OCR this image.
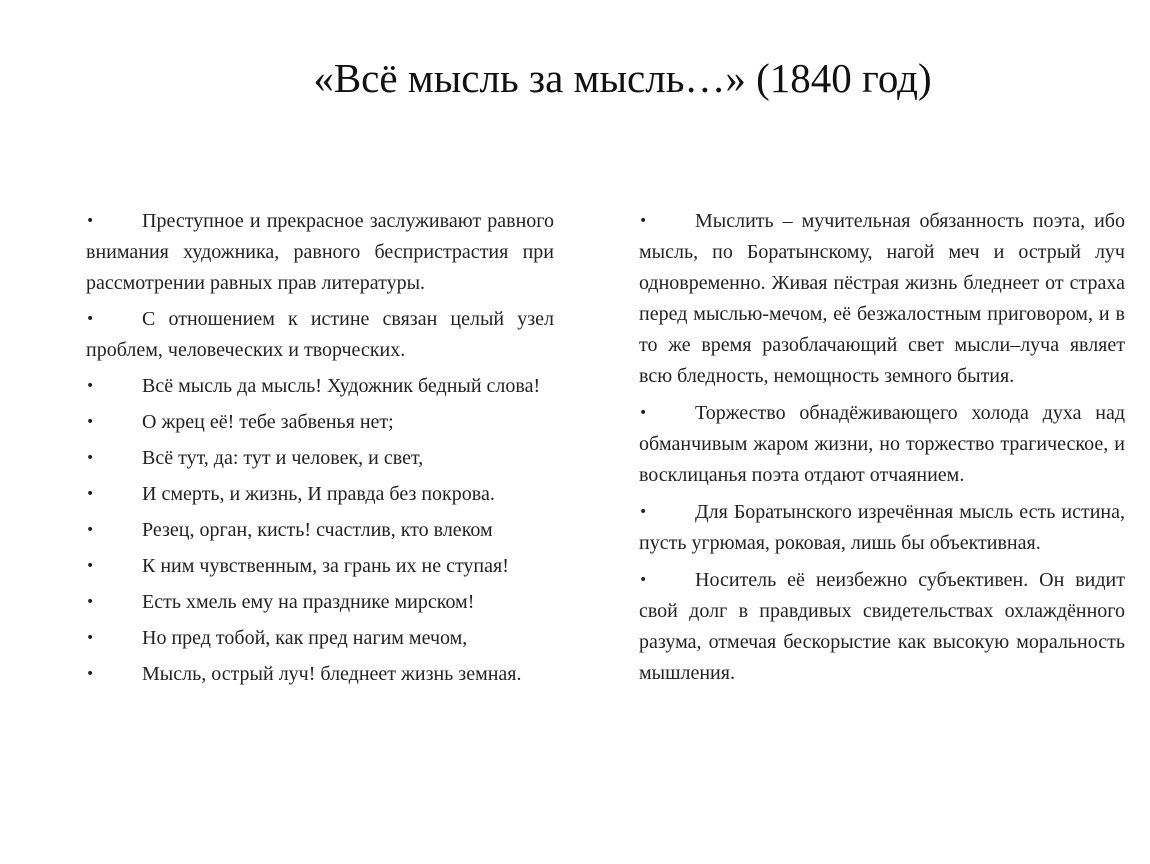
«Всё мысль за мысль…» (1840 год)
• Преступное и прекрасное заслуживают равного внимания художника, равного беспристрастия при рассмотрении равных прав литературы.
• С отношением к истине связан целый узел проблем, человеческих и творческих.
• Всё мысль да мысль! Художник бедный слова!
• О жрец её! тебе забвенья нет;
• Всё тут, да: тут и человек, и свет,
• И смерть, и жизнь, И правда без покрова.
• Резец, орган, кисть! счастлив, кто влеком
• К ним чувственным, за грань их не ступая!
• Есть хмель ему на празднике мирском!
• Но пред тобой, как пред нагим мечом,
• Мысль, острый луч! бледнеет жизнь земная.
• Мыслить – мучительная обязанность поэта, ибо мысль, по Боратынскому, нагой меч и острый луч одновременно. Живая пёстрая жизнь бледнеет от страха перед мыслью-мечом, её безжалостным приговором, и в то же время разоблачающий свет мысли–луча являет всю бледность, немощность земного бытия.
• Торжество обнадёживающего холода духа над обманчивым жаром жизни, но торжество трагическое, и восклицанья поэта отдают отчаянием.
• Для Боратынского изречённая мысль есть истина, пусть угрюмая, роковая, лишь бы объективная.
• Носитель её неизбежно субъективен. Он видит свой долг в правдивых свидетельствах охлаждённого разума, отмечая бескорыстие как высокую моральность мышления.
